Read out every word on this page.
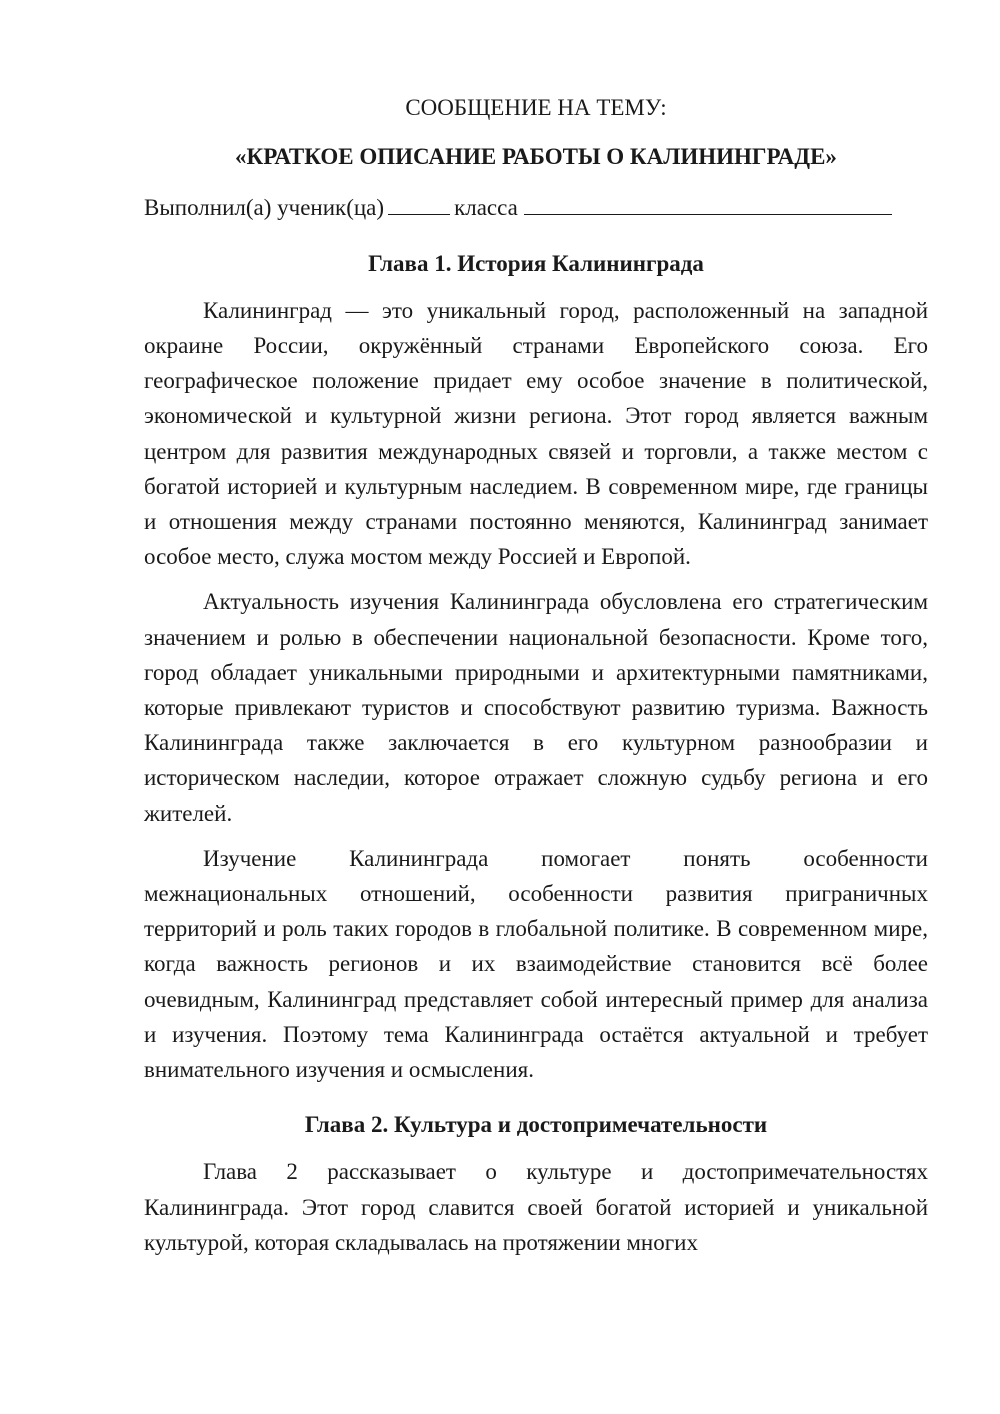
СООБЩЕНИЕ НА ТЕМУ:

«КРАТКОЕ ОПИСАНИЕ РАБОТЫ О КАЛИНИНГРАДЕ»

Выполнил(а) ученик(ца)	класса

Глава 1. История Калининграда

Калининград — это уникальный город, расположенный на западной окраине России, окружённый странами Европейского союза. Его географическое положение придает ему особое значение в политической, экономической и культурной жизни региона. Этот город является важным центром для развития международных связей и торговли, а также местом с богатой историей и культурным наследием. В современном мире, где границы и отношения между странами постоянно меняются, Калининград занимает особое место, служа мостом между Россией и Европой.

Актуальность изучения Калининграда обусловлена его стратегическим значением и ролью в обеспечении национальной безопасности. Кроме того, город обладает уникальными природными и архитектурными памятниками, которые привлекают туристов и способствуют развитию туризма. Важность Калининграда также заключается в его культурном разнообразии и историческом наследии, которое отражает сложную судьбу региона и его жителей.

Изучение Калининграда помогает понять особенности межнациональных отношений, особенности развития приграничных территорий и роль таких городов в глобальной политике. В современном мире, когда важность регионов и их взаимодействие становится всё более очевидным, Калининград представляет собой интересный пример для анализа и изучения. Поэтому тема Калининграда остаётся актуальной и требует внимательного изучения и осмысления.

Глава 2. Культура и достопримечательности

Глава 2 рассказывает о культуре и достопримечательностях Калининграда. Этот город славится своей богатой историей и уникальной культурой, которая складывалась на протяжении многих
